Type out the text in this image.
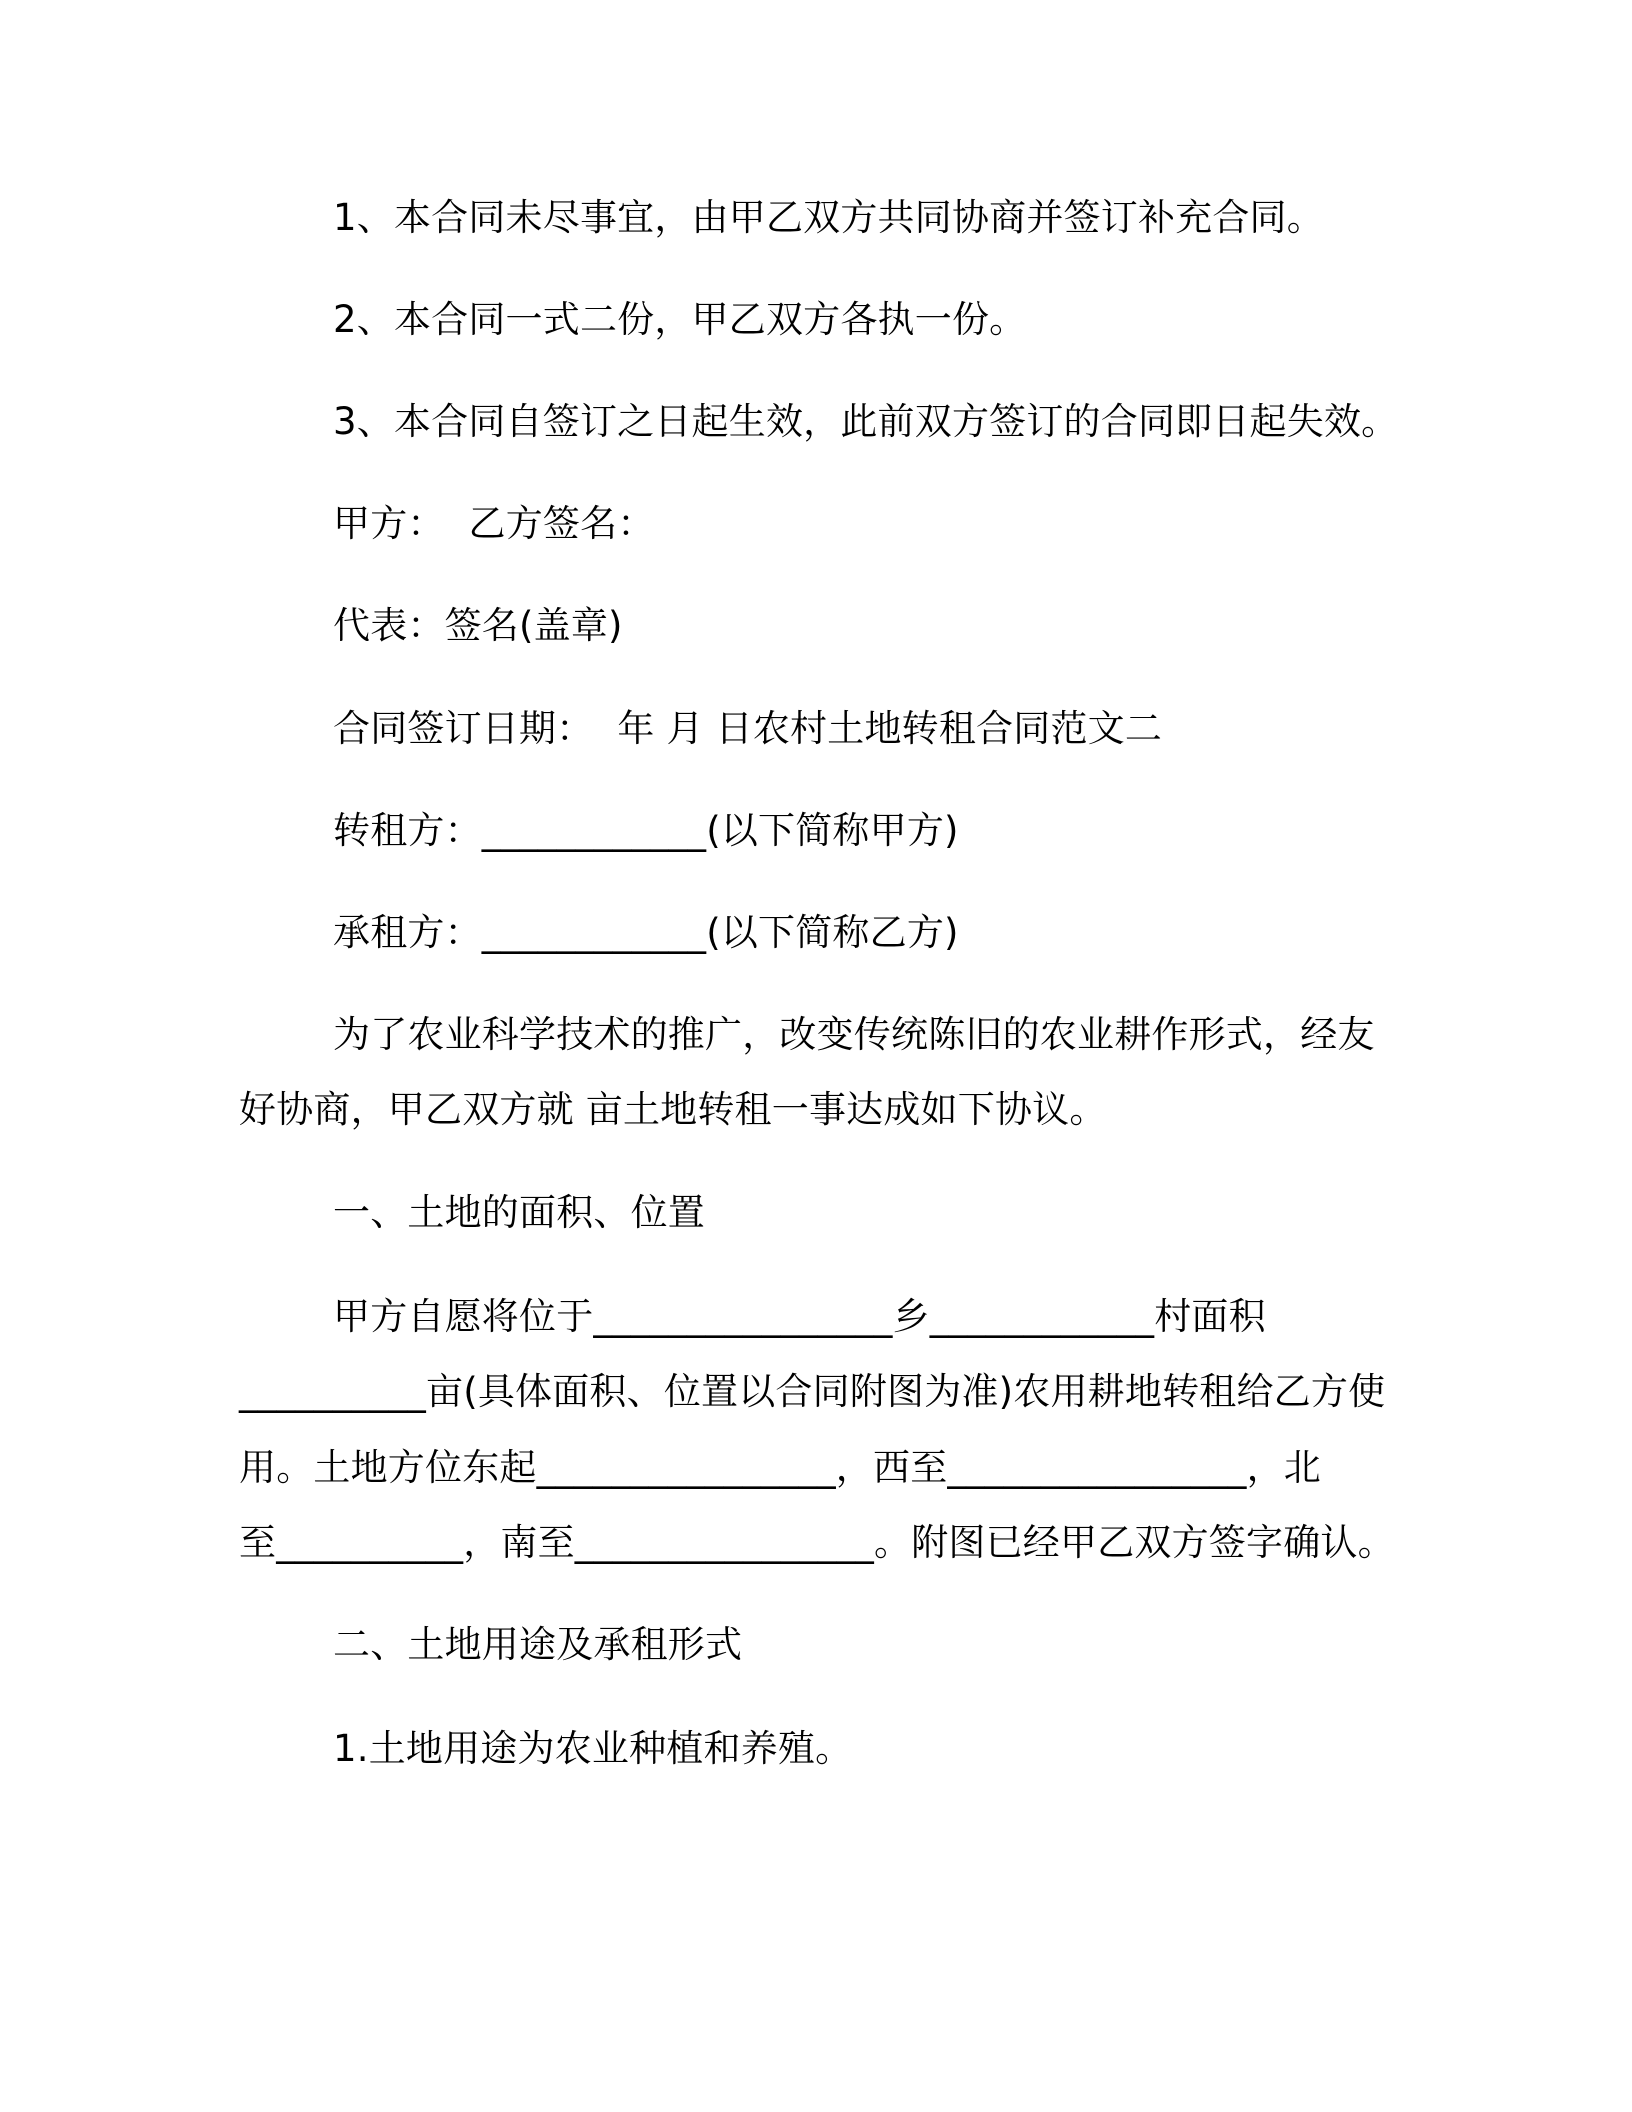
1、本合同未尽事宜，由甲乙双方共同协商并签订补充合同。
2、本合同一式二份，甲乙双方各执一份。
3、本合同自签订之日起生效，此前双方签订的合同即日起失效。
甲方：  乙方签名：
代表：签名(盖章)
合同签订日期：  年 月 日农村土地转租合同范文二
转租方：____________(以下简称甲方)
承租方：____________(以下简称乙方)
为了农业科学技术的推广，改变传统陈旧的农业耕作形式，经友
好协商，甲乙双方就 亩土地转租一事达成如下协议。
一、土地的面积、位置
甲方自愿将位于________________乡____________村面积
__________亩(具体面积、位置以合同附图为准)农用耕地转租给乙方使
用。土地方位东起________________，西至________________，北
至__________，南至________________。附图已经甲乙双方签字确认。
二、土地用途及承租形式
1.土地用途为农业种植和养殖。
